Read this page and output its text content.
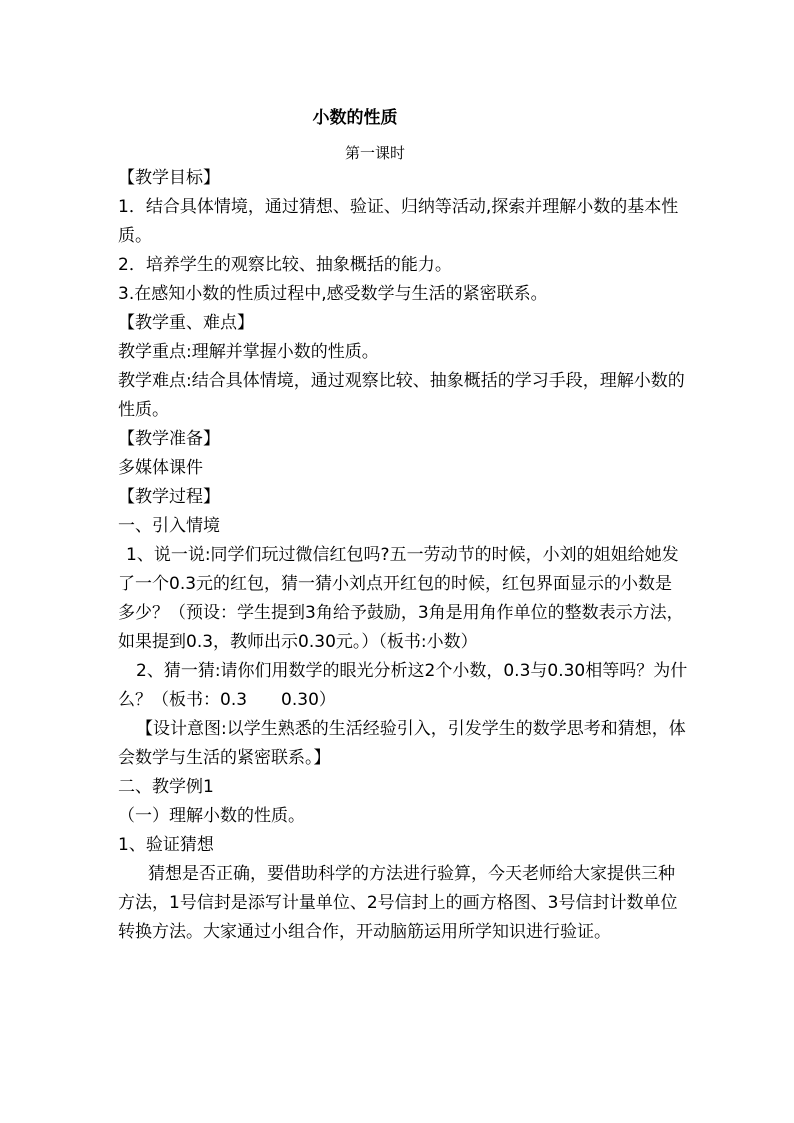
小数的性质
第一课时

【教学目标】

1．结合具体情境，通过猜想、验证、归纳等活动,探索并理解小数的基本性质。

2．培养学生的观察比较、抽象概括的能力。

3.在感知小数的性质过程中,感受数学与生活的紧密联系。

【教学重、难点】

教学重点:理解并掌握小数的性质。

教学难点:结合具体情境，通过观察比较、抽象概括的学习手段，理解小数的性质。

【教学准备】

多媒体课件

【教学过程】

一、引入情境

1、说一说:同学们玩过微信红包吗?五一劳动节的时候，小刘的姐姐给她发了一个0.3元的红包，猜一猜小刘点开红包的时候，红包界面显示的小数是多少？（预设：学生提到3角给予鼓励，3角是用角作单位的整数表示方法，如果提到0.3，教师出示0.30元。）（板书:小数）

2、猜一猜:请你们用数学的眼光分析这2个小数，0.3与0.30相等吗？为什么？（板书：0.3　　0.30）

【设计意图:以学生熟悉的生活经验引入，引发学生的数学思考和猜想，体会数学与生活的紧密联系。】

二、教学例1

（一）理解小数的性质。

1、验证猜想

猜想是否正确，要借助科学的方法进行验算，今天老师给大家提供三种方法，1号信封是添写计量单位、2号信封上的画方格图、3号信封计数单位转换方法。大家通过小组合作，开动脑筋运用所学知识进行验证。
